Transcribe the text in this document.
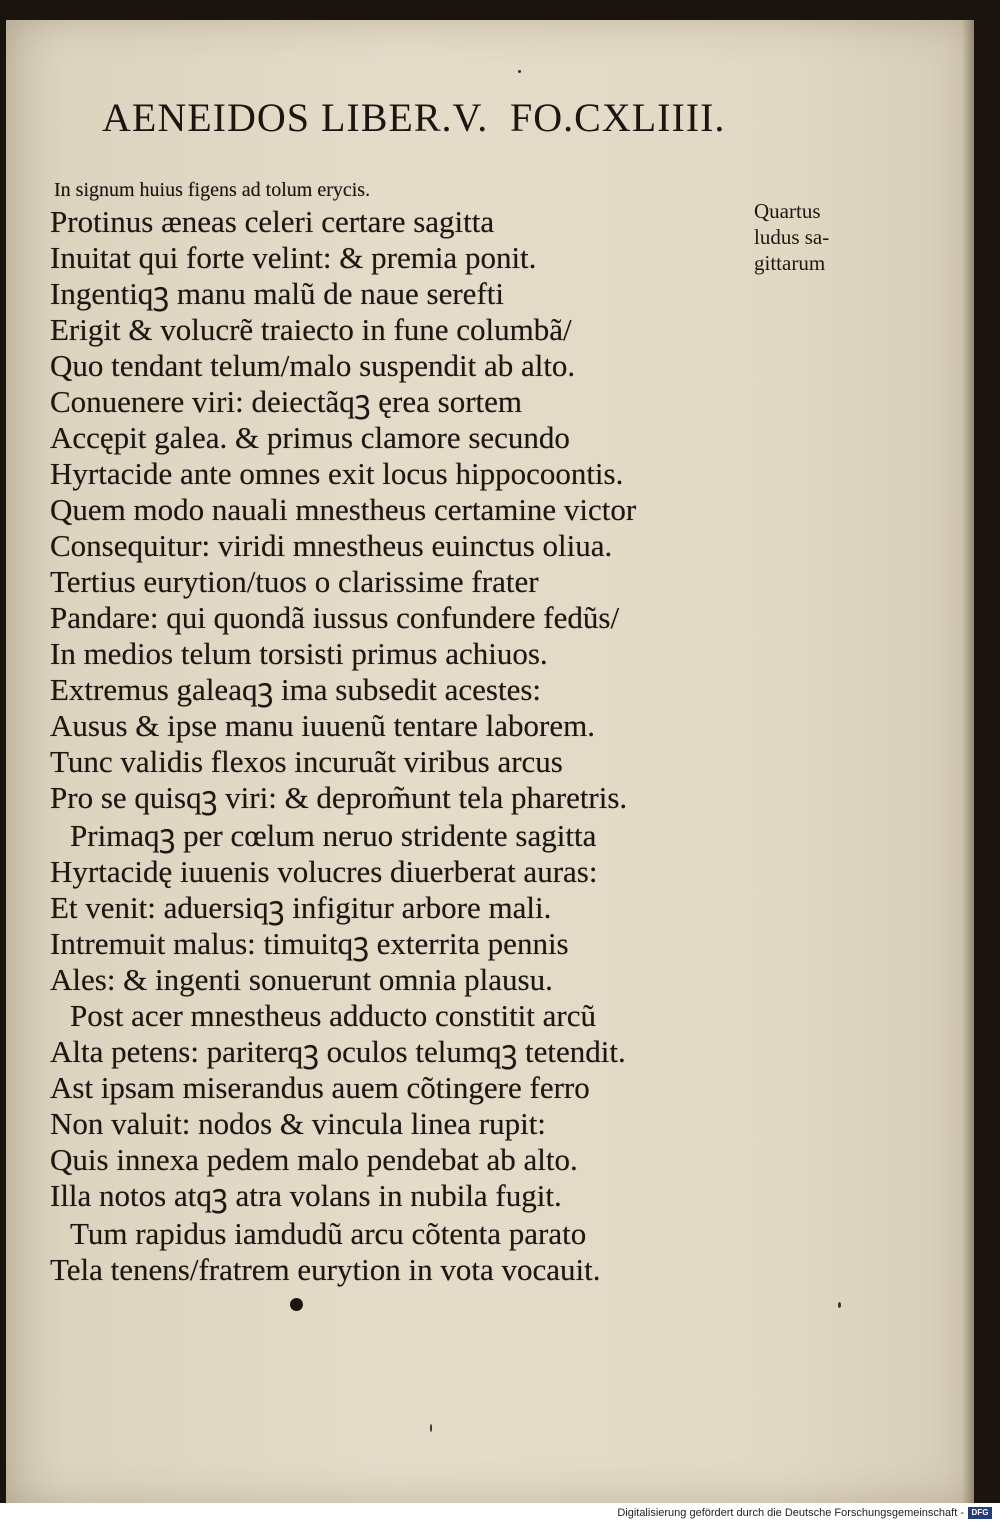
AENEIDOS LIBER.V. FO.CXLIIII.
In signum huius figens ad tolum erycis.
Protinus æneas celeri certare sagitta
Inuitat qui forte velint: & premia ponit.
Ingentiqꝫ manu malũ de naue serefti
Erigit & volucrẽ traiecto in fune columbã/
Quo tendant telum/malo suspendit ab alto.
Conuenere viri: deiectãqꝫ ęrea sortem
Accępit galea. & primus clamore secundo
Hyrtacide ante omnes exit locus hippocoontis.
Quem modo nauali mnestheus certamine victor
Consequitur: viridi mnestheus euinctus oliua.
Tertius eurytion/tuos o clarissime frater
Pandare: qui quondã iussus confundere fedũs/
In medios telum torsisti primus achiuos.
Extremus galeaqꝫ ima subsedit acestes:
Ausus & ipse manu iuuenũ tentare laborem.
Tunc validis flexos incuruãt viribus arcus
Pro se quisqꝫ viri: & deprom̃unt tela pharetris.
Primaqꝫ per cœlum neruo stridente sagitta
Hyrtacidę iuuenis volucres diuerberat auras:
Et venit: aduersiqꝫ infigitur arbore mali.
Intremuit malus: timuitqꝫ exterrita pennis
Ales: & ingenti sonuerunt omnia plausu.
Post acer mnestheus adducto constitit arcũ
Alta petens: pariterqꝫ oculos telumqꝫ tetendit.
Ast ipsam miserandus auem cõtingere ferro
Non valuit: nodos & vincula linea rupit:
Quis innexa pedem malo pendebat ab alto.
Illa notos atqꝫ atra volans in nubila fugit.
Tum rapidus iamdudũ arcu cõtenta parato
Tela tenens/fratrem eurytion in vota vocauit.
Quartus
ludus sa-
gittarum
Digitalisierung gefördert durch die Deutsche Forschungsgemeinschaft - DFG
